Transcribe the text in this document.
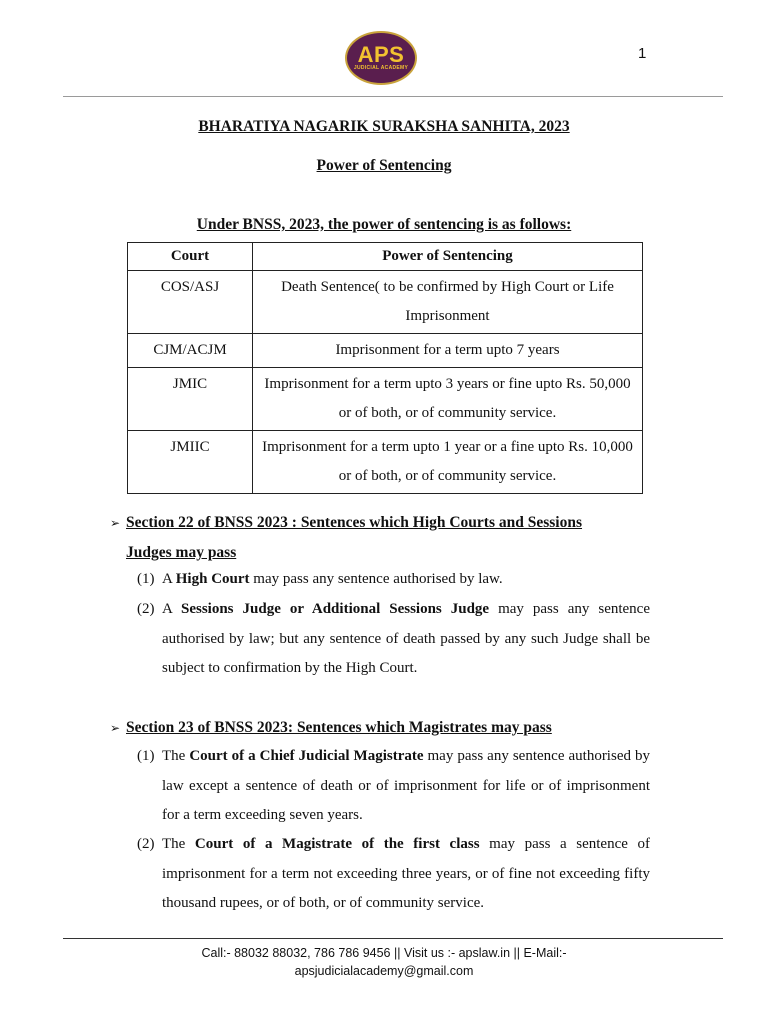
APS
JUDICIAL ACADEMY
1
BHARATIYA NAGARIK SURAKSHA SANHITA, 2023
Power of Sentencing
Under BNSS, 2023, the power of sentencing is as follows:
Court	Power of Sentencing
COS/ASJ	Death Sentence( to be confirmed by High Court or Life Imprisonment
CJM/ACJM	Imprisonment for a term upto 7 years
JMIC	Imprisonment for a term upto 3 years or fine upto Rs. 50,000 or of both, or of community service.
JMIIC	Imprisonment for a term upto 1 year or a fine upto Rs. 10,000 or of both, or of community service.
➢ Section 22 of BNSS 2023 : Sentences which High Courts and Sessions
Judges may pass
(1) A High Court may pass any sentence authorised by law.
(2) A Sessions Judge or Additional Sessions Judge may pass any sentence authorised by law; but any sentence of death passed by any such Judge shall be subject to confirmation by the High Court.
➢ Section 23 of BNSS 2023: Sentences which Magistrates may pass
(1) The Court of a Chief Judicial Magistrate may pass any sentence authorised by law except a sentence of death or of imprisonment for life or of imprisonment for a term exceeding seven years.
(2) The Court of a Magistrate of the first class may pass a sentence of imprisonment for a term not exceeding three years, or of fine not exceeding fifty thousand rupees, or of both, or of community service.
Call:- 88032 88032, 786 786 9456 || Visit us :- apslaw.in || E-Mail:-
apsjudicialacademy@gmail.com
